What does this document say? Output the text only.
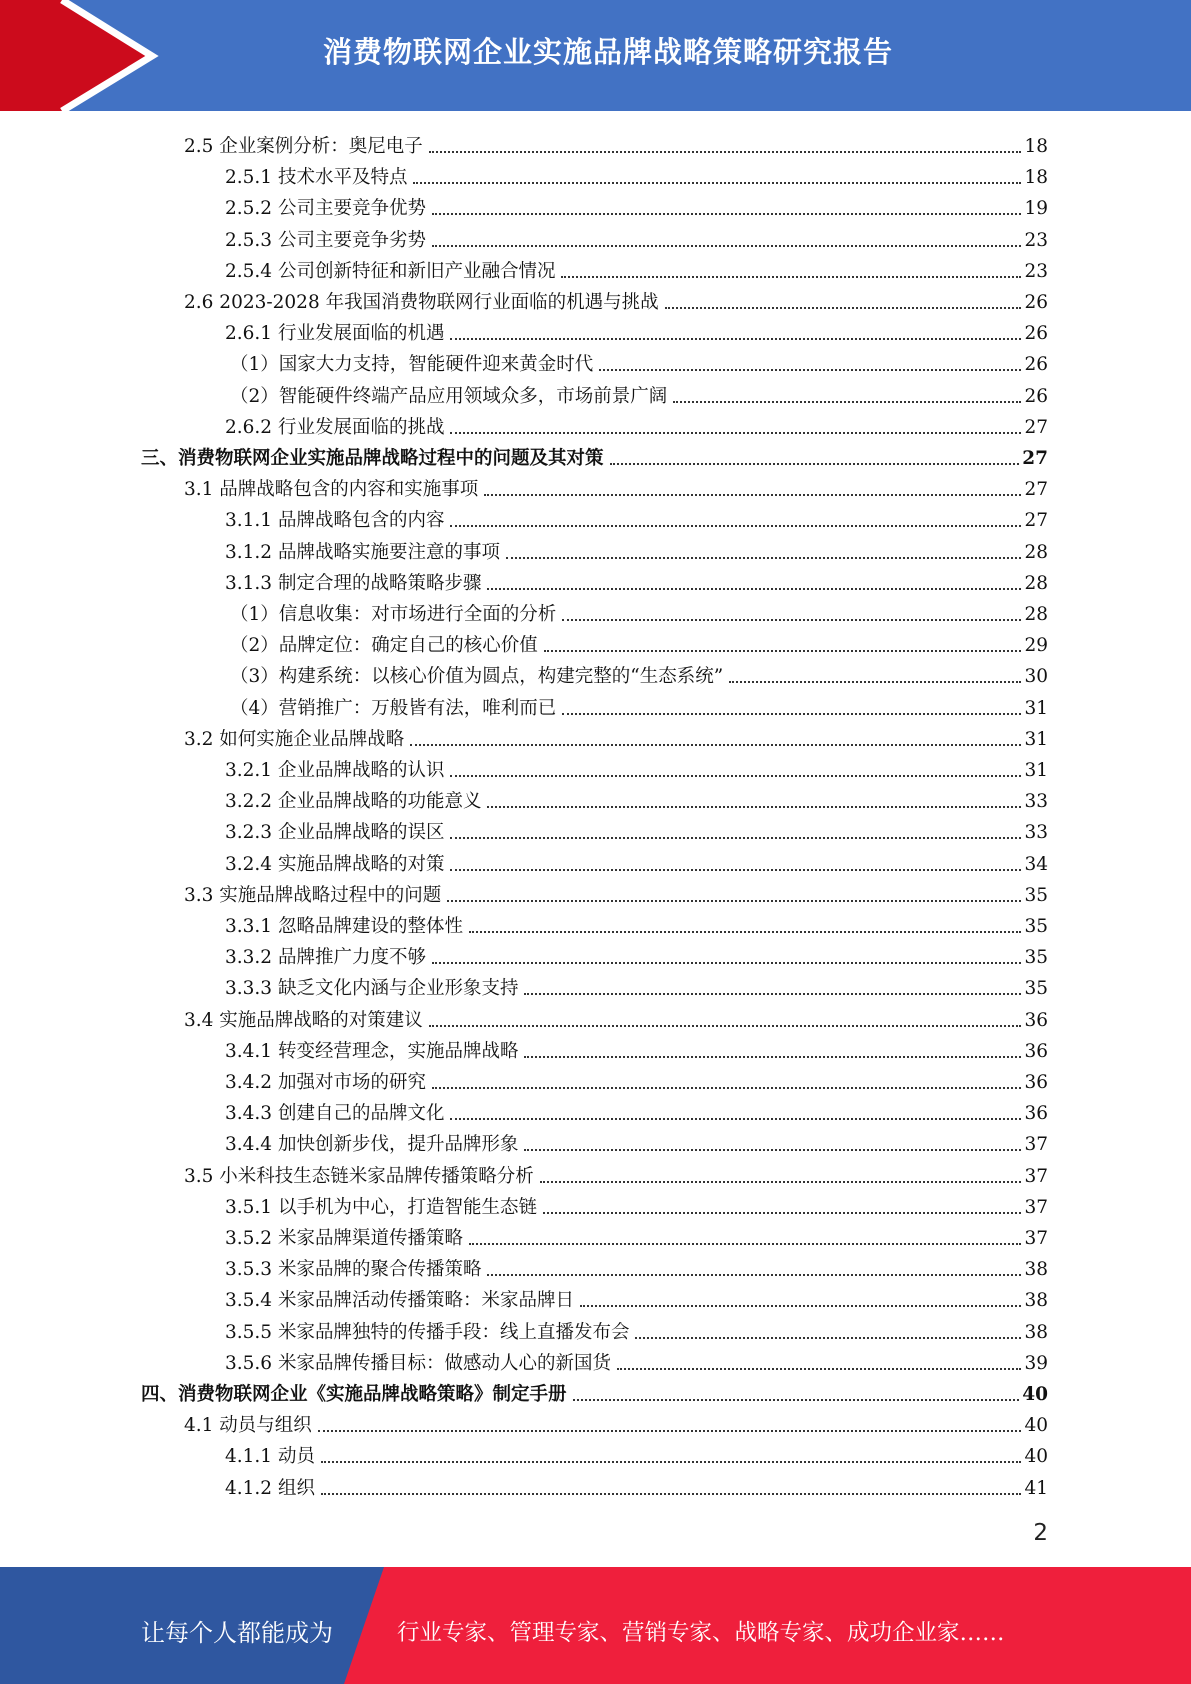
消费物联网企业实施品牌战略策略研究报告
2.5 企业案例分析：奥尼电子	18
2.5.1 技术水平及特点	18
2.5.2 公司主要竞争优势	19
2.5.3 公司主要竞争劣势	23
2.5.4 公司创新特征和新旧产业融合情况	23
2.6 2023-2028 年我国消费物联网行业面临的机遇与挑战	26
2.6.1 行业发展面临的机遇	26
（1）国家大力支持，智能硬件迎来黄金时代	26
（2）智能硬件终端产品应用领域众多，市场前景广阔	26
2.6.2 行业发展面临的挑战	27
三、消费物联网企业实施品牌战略过程中的问题及其对策	27
3.1 品牌战略包含的内容和实施事项	27
3.1.1 品牌战略包含的内容	27
3.1.2 品牌战略实施要注意的事项	28
3.1.3 制定合理的战略策略步骤	28
（1）信息收集：对市场进行全面的分析	28
（2）品牌定位：确定自己的核心价值	29
（3）构建系统：以核心价值为圆点，构建完整的“生态系统”	30
（4）营销推广：万般皆有法，唯利而已	31
3.2 如何实施企业品牌战略	31
3.2.1 企业品牌战略的认识	31
3.2.2 企业品牌战略的功能意义	33
3.2.3 企业品牌战略的误区	33
3.2.4 实施品牌战略的对策	34
3.3 实施品牌战略过程中的问题	35
3.3.1 忽略品牌建设的整体性	35
3.3.2 品牌推广力度不够	35
3.3.3 缺乏文化内涵与企业形象支持	35
3.4 实施品牌战略的对策建议	36
3.4.1 转变经营理念，实施品牌战略	36
3.4.2 加强对市场的研究	36
3.4.3 创建自己的品牌文化	36
3.4.4 加快创新步伐，提升品牌形象	37
3.5 小米科技生态链米家品牌传播策略分析	37
3.5.1 以手机为中心，打造智能生态链	37
3.5.2 米家品牌渠道传播策略	37
3.5.3 米家品牌的聚合传播策略	38
3.5.4 米家品牌活动传播策略：米家品牌日	38
3.5.5 米家品牌独特的传播手段：线上直播发布会	38
3.5.6 米家品牌传播目标：做感动人心的新国货	39
四、消费物联网企业《实施品牌战略策略》制定手册	40
4.1 动员与组织	40
4.1.1 动员	40
4.1.2 组织	41
2
让每个人都能成为	行业专家、管理专家、营销专家、战略专家、成功企业家……
